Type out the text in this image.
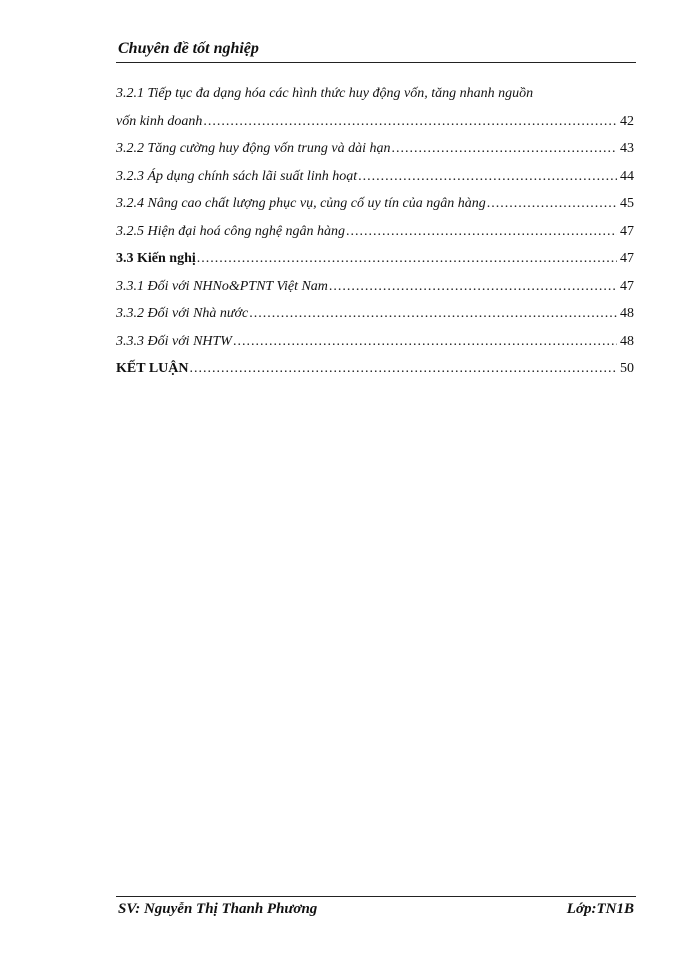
Chuyên đề tốt nghiệp
3.2.1 Tiếp tục đa dạng hóa các hình thức huy động vốn, tăng nhanh nguồn
vốn kinh doanh .....	42
3.2.2 Tăng cường huy động vốn trung và dài hạn .....	43
3.2.3 Áp dụng chính sách lãi suất linh hoạt .....	44
3.2.4 Nâng cao chất lượng phục vụ, củng cố uy tín của ngân hàng .....	45
3.2.5 Hiện đại hoá công nghệ ngân hàng .....	47
3.3 Kiến nghị .....	47
3.3.1 Đối với NHNo&PTNT Việt Nam .....	47
3.3.2 Đối với Nhà nước .....	48
3.3.3 Đối với NHTW .....	48
KẾT LUẬN .....	50
SV: Nguyễn Thị Thanh Phương	Lớp:TN1B
